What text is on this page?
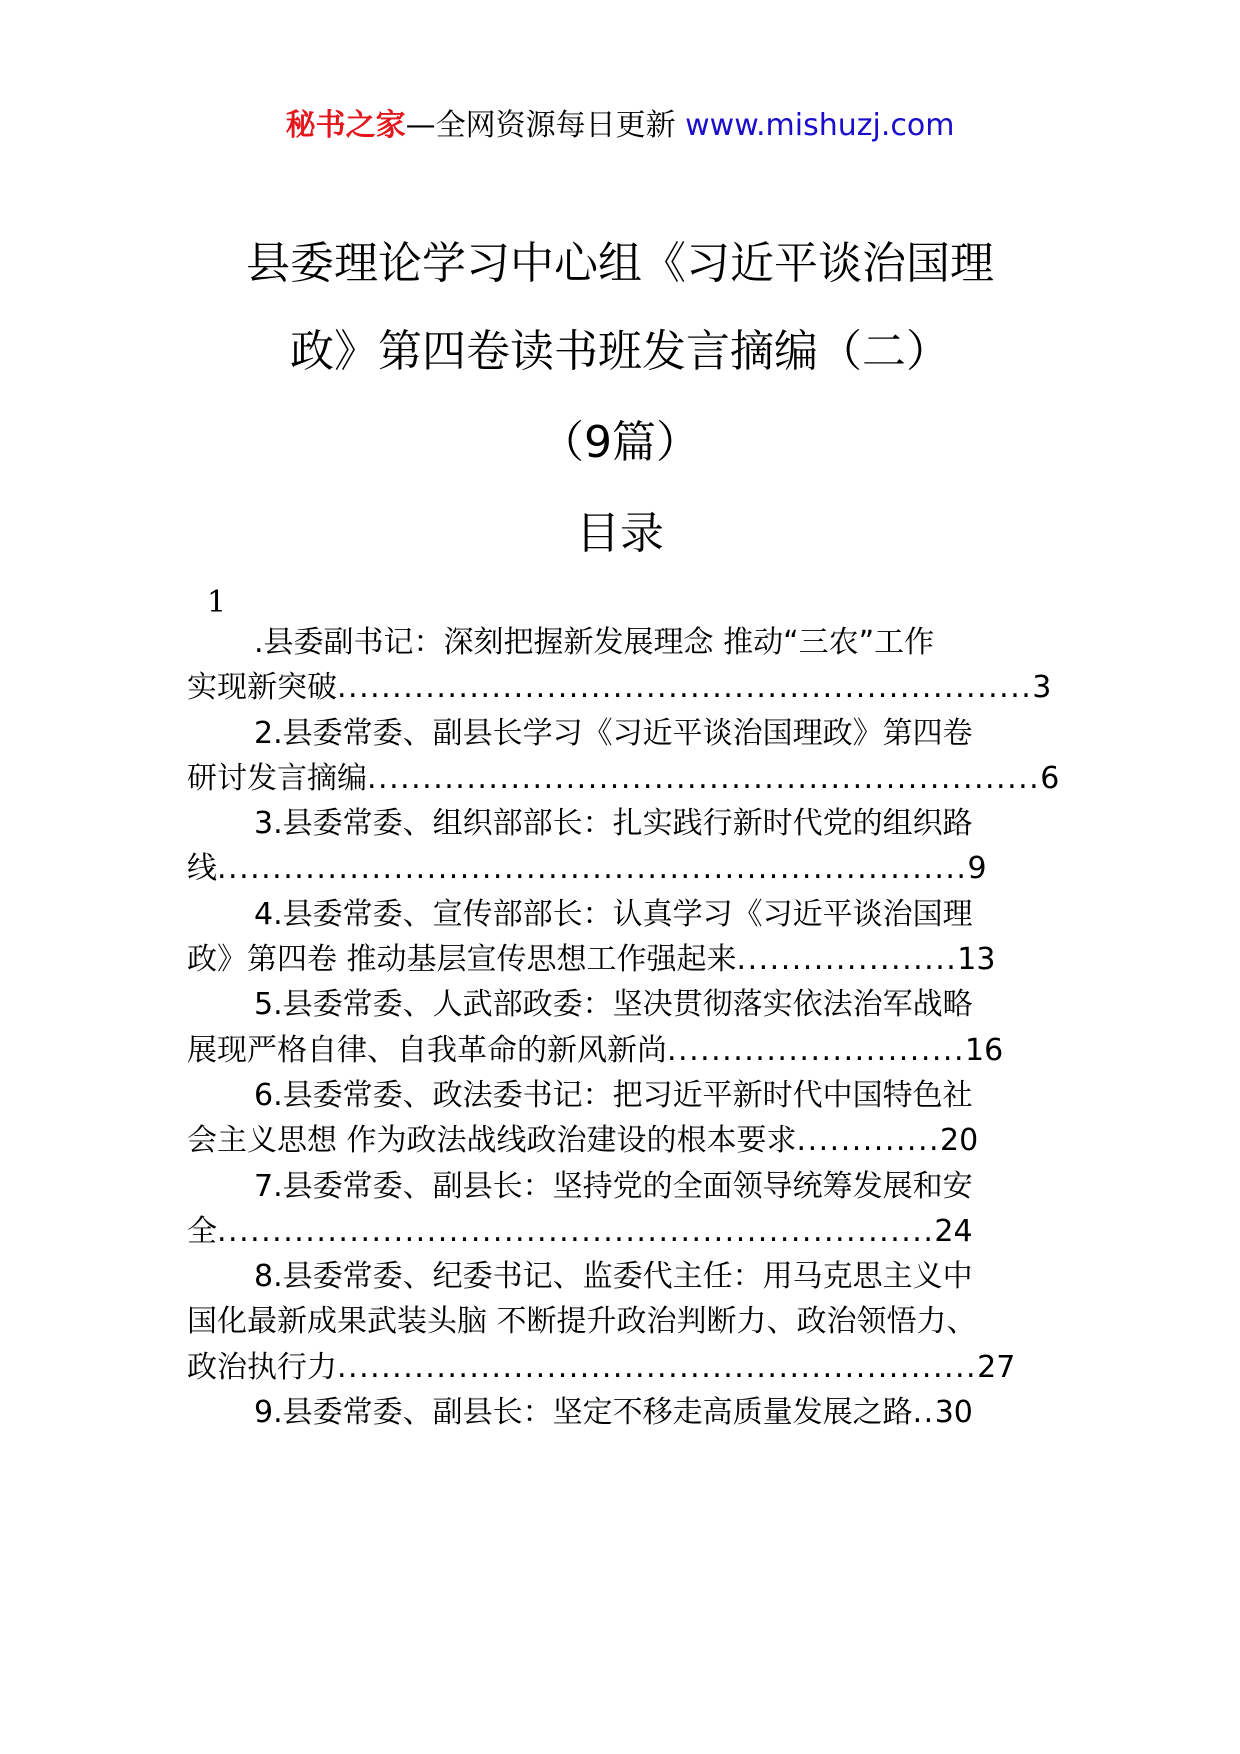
秘书之家—全网资源每日更新 www.mishuzj.com
县委理论学习中心组《习近平谈治国理
政》第四卷读书班发言摘编（二）
（9篇）
目录
1

.县委副书记：深刻把握新发展理念 推动“三农”工作
实现新突破...............................................................3

2.县委常委、副县长学习《习近平谈治国理政》第四卷
研讨发言摘编.............................................................6

3.县委常委、组织部部长：扎实践行新时代党的组织路
线....................................................................9

4.县委常委、宣传部部长：认真学习《习近平谈治国理
政》第四卷 推动基层宣传思想工作强起来....................13

5.县委常委、人武部政委：坚决贯彻落实依法治军战略
展现严格自律、自我革命的新风新尚...........................16

6.县委常委、政法委书记：把习近平新时代中国特色社
会主义思想 作为政法战线政治建设的根本要求.............20

7.县委常委、副县长：坚持党的全面领导统筹发展和安
全.................................................................24

8.县委常委、纪委书记、监委代主任：用马克思主义中
国化最新成果武装头脑 不断提升政治判断力、政治领悟力、
政治执行力..........................................................27

9.县委常委、副县长：坚定不移走高质量发展之路..30
